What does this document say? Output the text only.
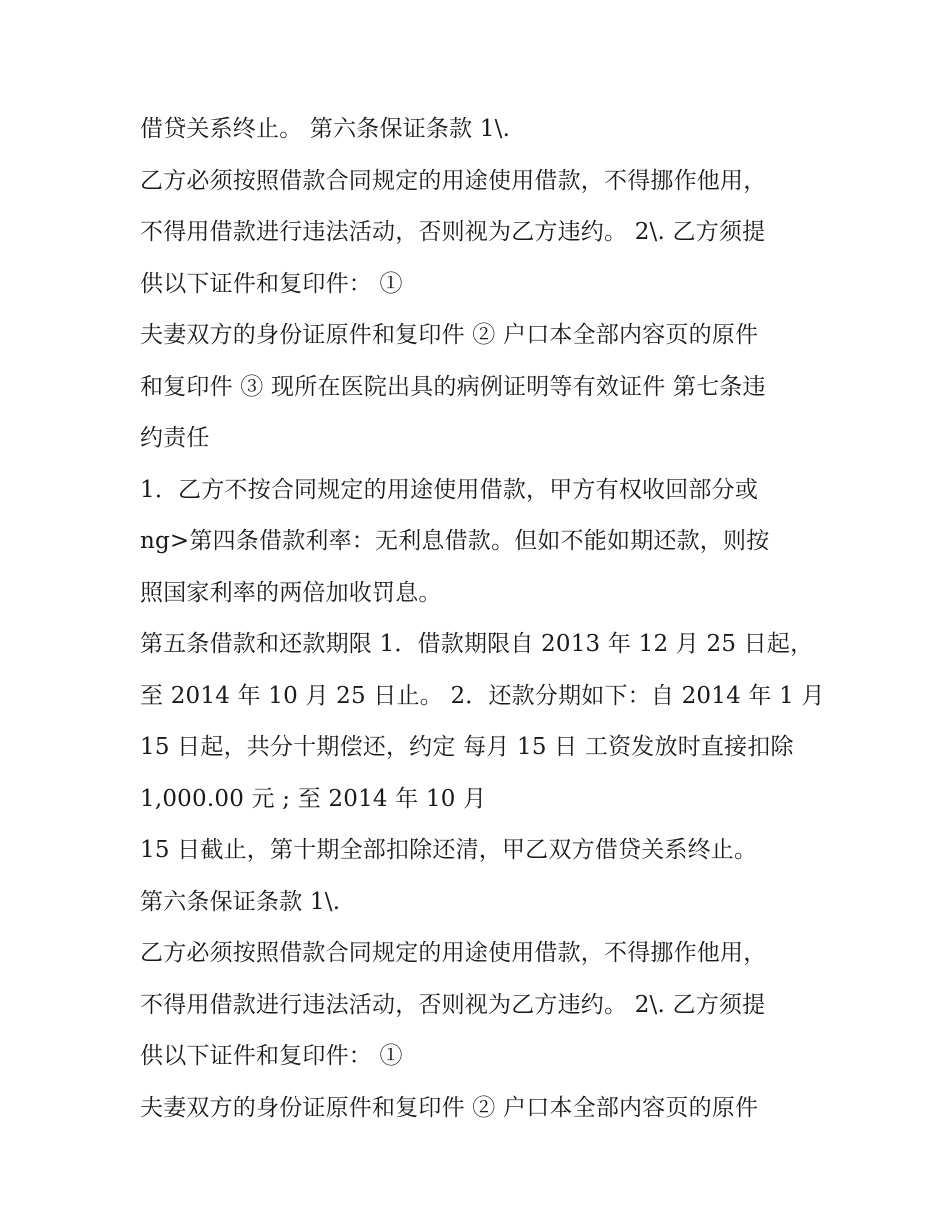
借贷关系终止。 第六条保证条款 1\.

乙方必须按照借款合同规定的用途使用借款，不得挪作他用，

不得用借款进行违法活动，否则视为乙方违约。 2\. 乙方须提

供以下证件和复印件： ①

夫妻双方的身份证原件和复印件 ② 户口本全部内容页的原件

和复印件 ③ 现所在医院出具的病例证明等有效证件 第七条违

约责任

1．乙方不按合同规定的用途使用借款，甲方有权收回部分或

ng>第四条借款利率：无利息借款。但如不能如期还款，则按

照国家利率的两倍加收罚息。

第五条借款和还款期限 1．借款期限自 2013 年 12 月 25 日起，

至 2014 年 10 月 25 日止。 2．还款分期如下：自 2014 年 1 月

15 日起，共分十期偿还，约定 每月 15 日 工资发放时直接扣除

1,000.00 元 ; 至 2014 年 10 月

15 日截止，第十期全部扣除还清，甲乙双方借贷关系终止。

第六条保证条款 1\.

乙方必须按照借款合同规定的用途使用借款，不得挪作他用，

不得用借款进行违法活动，否则视为乙方违约。 2\. 乙方须提

供以下证件和复印件： ①

夫妻双方的身份证原件和复印件 ② 户口本全部内容页的原件
